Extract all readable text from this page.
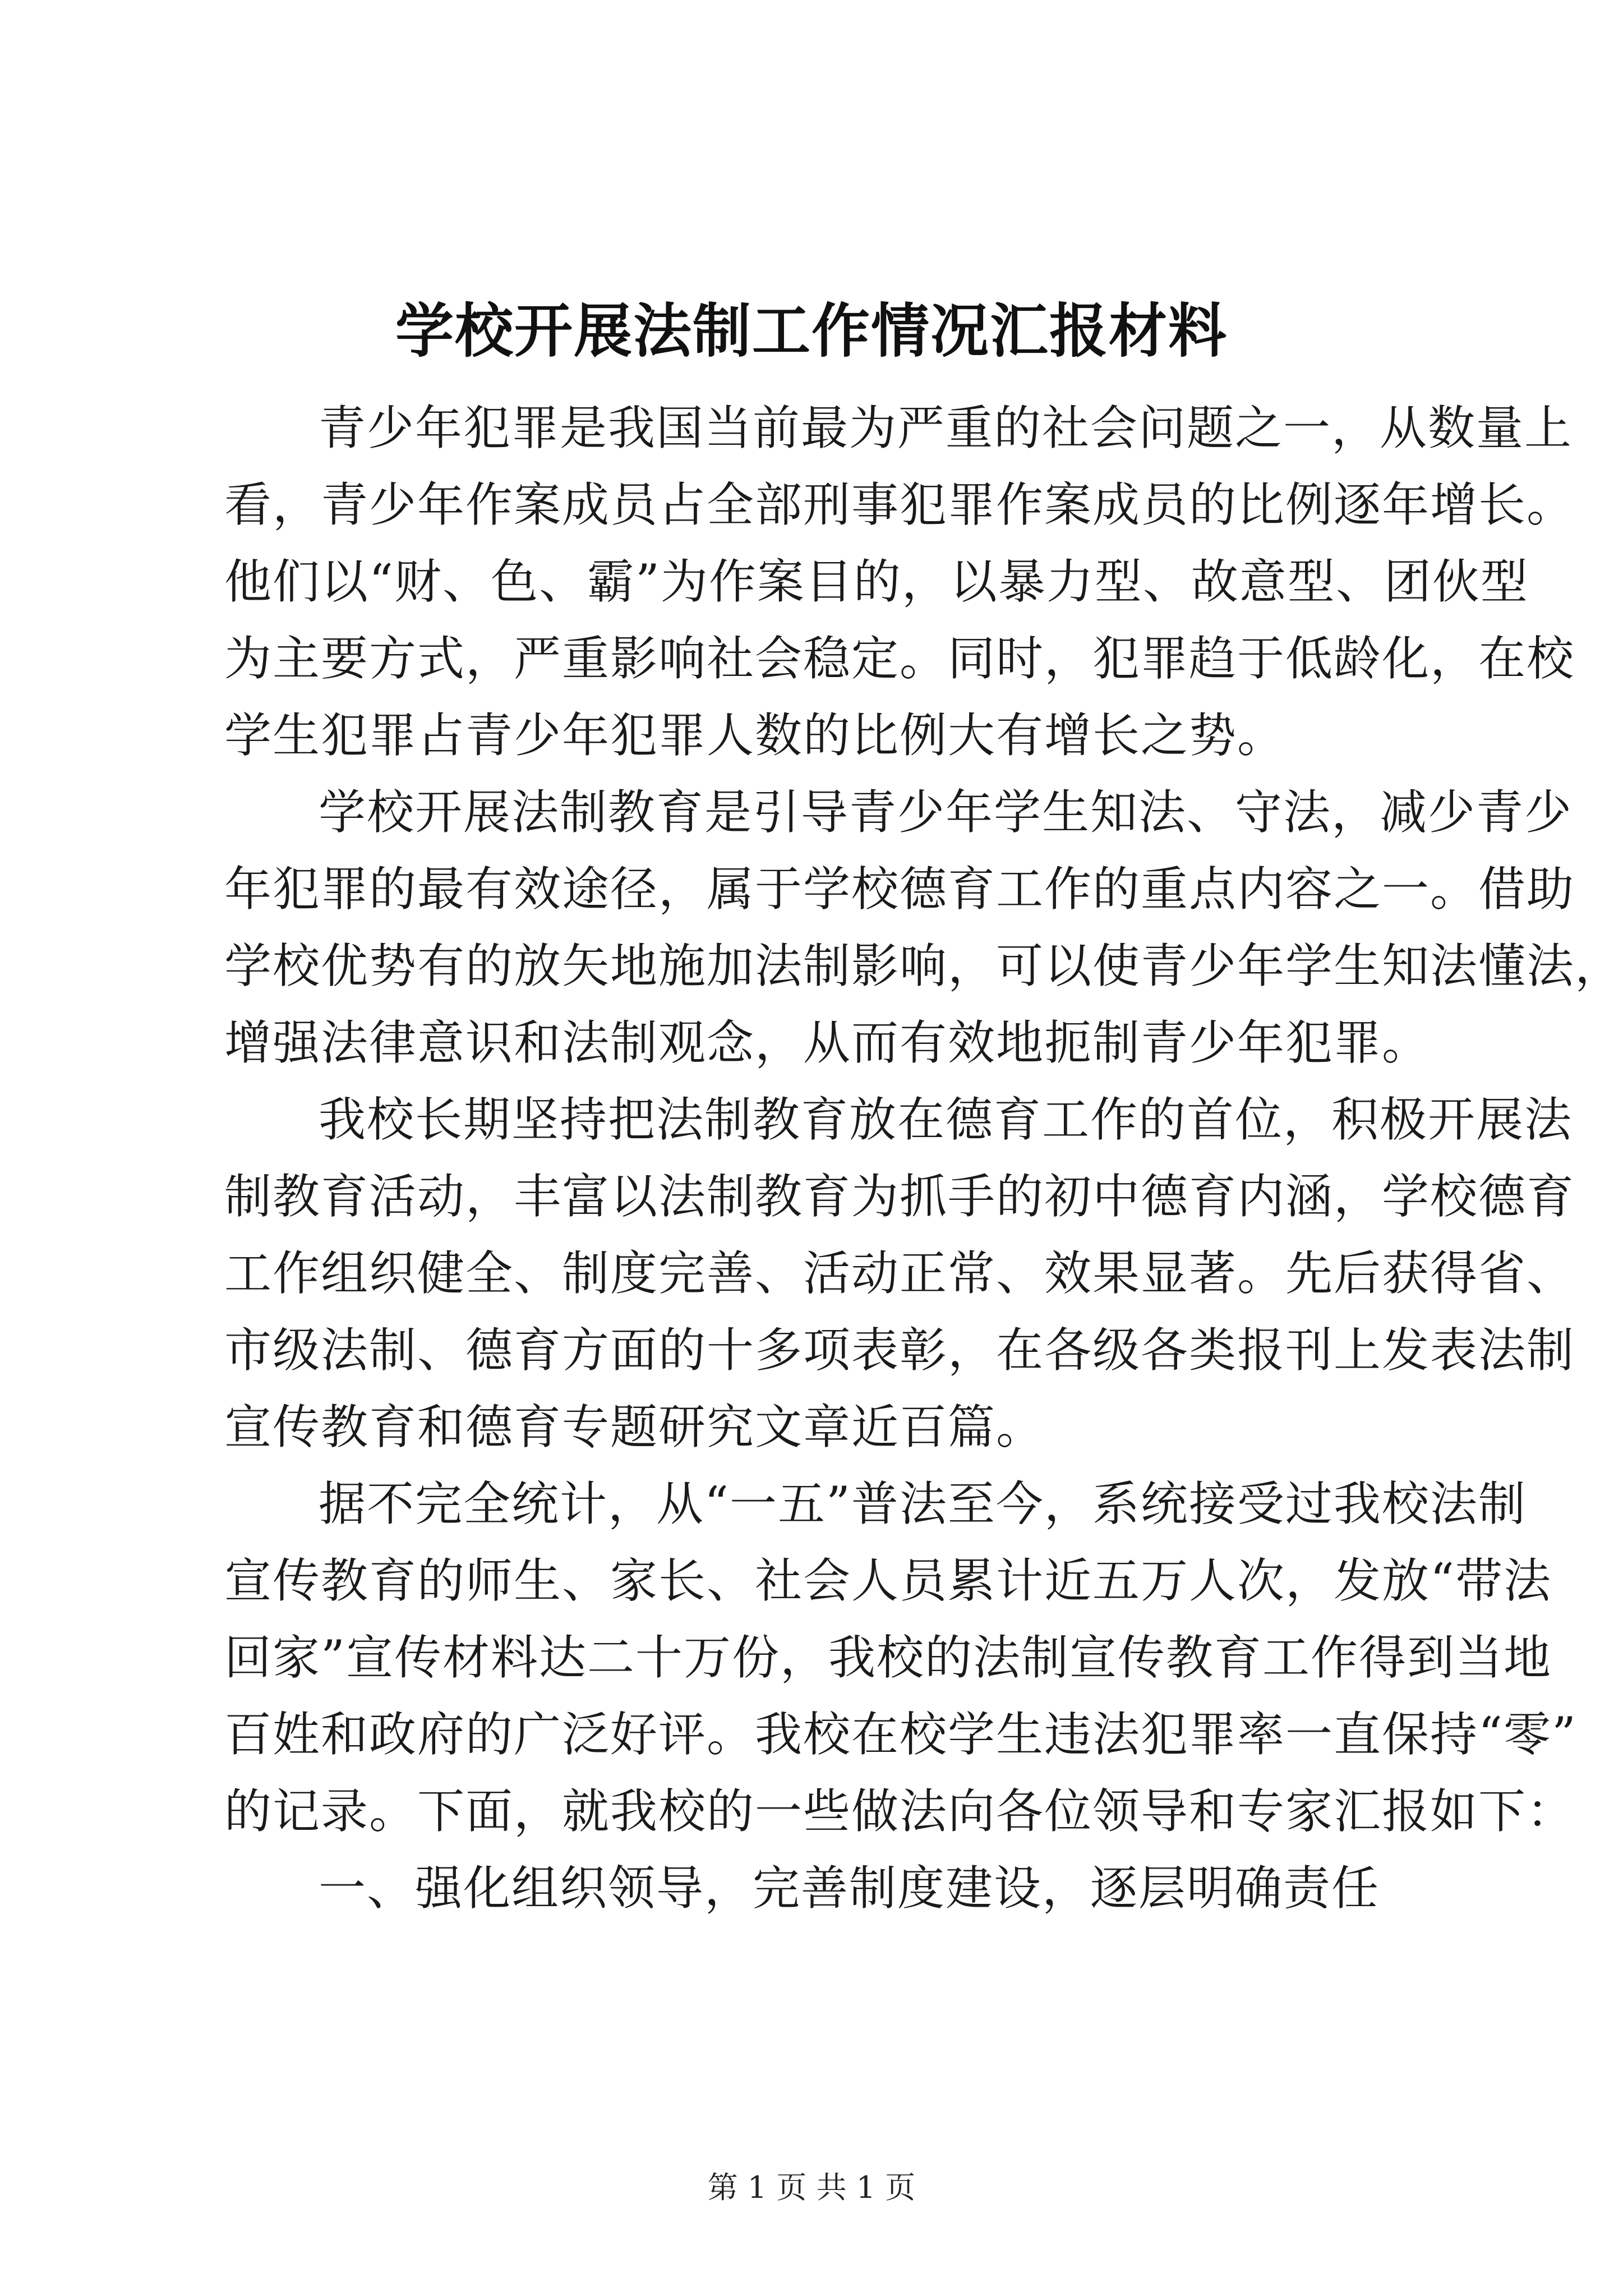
学校开展法制工作情况汇报材料

青少年犯罪是我国当前最为严重的社会问题之一，从数量上
看，青少年作案成员占全部刑事犯罪作案成员的比例逐年增长。
他们以“财、色、霸”为作案目的，以暴力型、故意型、团伙型
为主要方式，严重影响社会稳定。同时，犯罪趋于低龄化，在校
学生犯罪占青少年犯罪人数的比例大有增长之势。

学校开展法制教育是引导青少年学生知法、守法，减少青少
年犯罪的最有效途径，属于学校德育工作的重点内容之一。借助
学校优势有的放矢地施加法制影响，可以使青少年学生知法懂法，
增强法律意识和法制观念，从而有效地扼制青少年犯罪。

我校长期坚持把法制教育放在德育工作的首位，积极开展法
制教育活动，丰富以法制教育为抓手的初中德育内涵，学校德育
工作组织健全、制度完善、活动正常、效果显著。先后获得省、
市级法制、德育方面的十多项表彰，在各级各类报刊上发表法制
宣传教育和德育专题研究文章近百篇。

据不完全统计，从“一五”普法至今，系统接受过我校法制
宣传教育的师生、家长、社会人员累计近五万人次，发放“带法
回家”宣传材料达二十万份，我校的法制宣传教育工作得到当地
百姓和政府的广泛好评。我校在校学生违法犯罪率一直保持“零”
的记录。下面，就我校的一些做法向各位领导和专家汇报如下：

一、强化组织领导，完善制度建设，逐层明确责任

第 1 页 共 1 页
